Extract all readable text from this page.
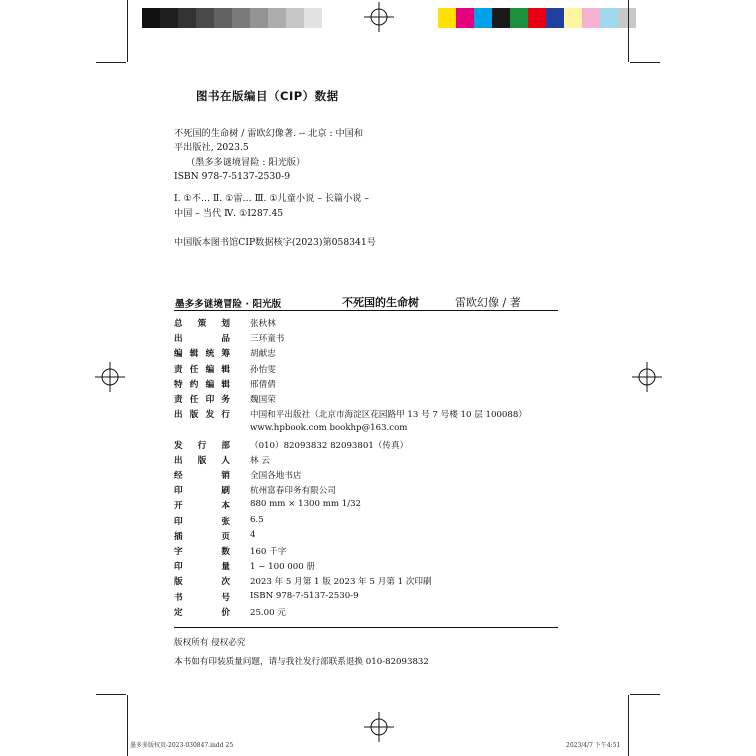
图书在版编目（CIP）数据
不死国的生命树 / 雷欧幻像著. -- 北京 : 中国和
平出版社, 2023.5
（墨多多谜境冒险 : 阳光版）
ISBN 978-7-5137-2530-9
Ⅰ. ①不… Ⅱ. ①雷… Ⅲ. ①儿童小说 – 长篇小说 –
中国 – 当代 Ⅳ. ①I287.45
中国版本图书馆CIP数据核字(2023)第058341号
墨多多谜境冒险 · 阳光版	不死国的生命树	雷欧幻像 / 著
总 策 划 张秋林
出	品 三环童书
编 辑 统 筹 胡献忠
责 任 编 辑 孙怡雯
特 约 编 辑 邢倩倩
责 任 印 务 魏国荣
出 版 发 行 中国和平出版社（北京市海淀区花园路甲 13 号 7 号楼 10 层 100088）
www.hpbook.com bookhp@163.com
发 行 部 （010）82093832 82093801（传真）
出 版 人 林 云
经	销 全国各地书店
印	刷 杭州富春印务有限公司
开	本 880 mm × 1300 mm 1/32
印	张 6.5
插	页 4
字	数 160 千字
印	量 1 ~ 100 000 册
版	次 2023 年 5 月第 1 版 2023 年 5 月第 1 次印刷
书	号 ISBN 978-7-5137-2530-9
定	价 25.00 元
版权所有 侵权必究
本书如有印装质量问题，请与我社发行部联系退换 010-82093832
墨多多版权页-2023-030847.indd 25	2023/4/7 下午4:51
